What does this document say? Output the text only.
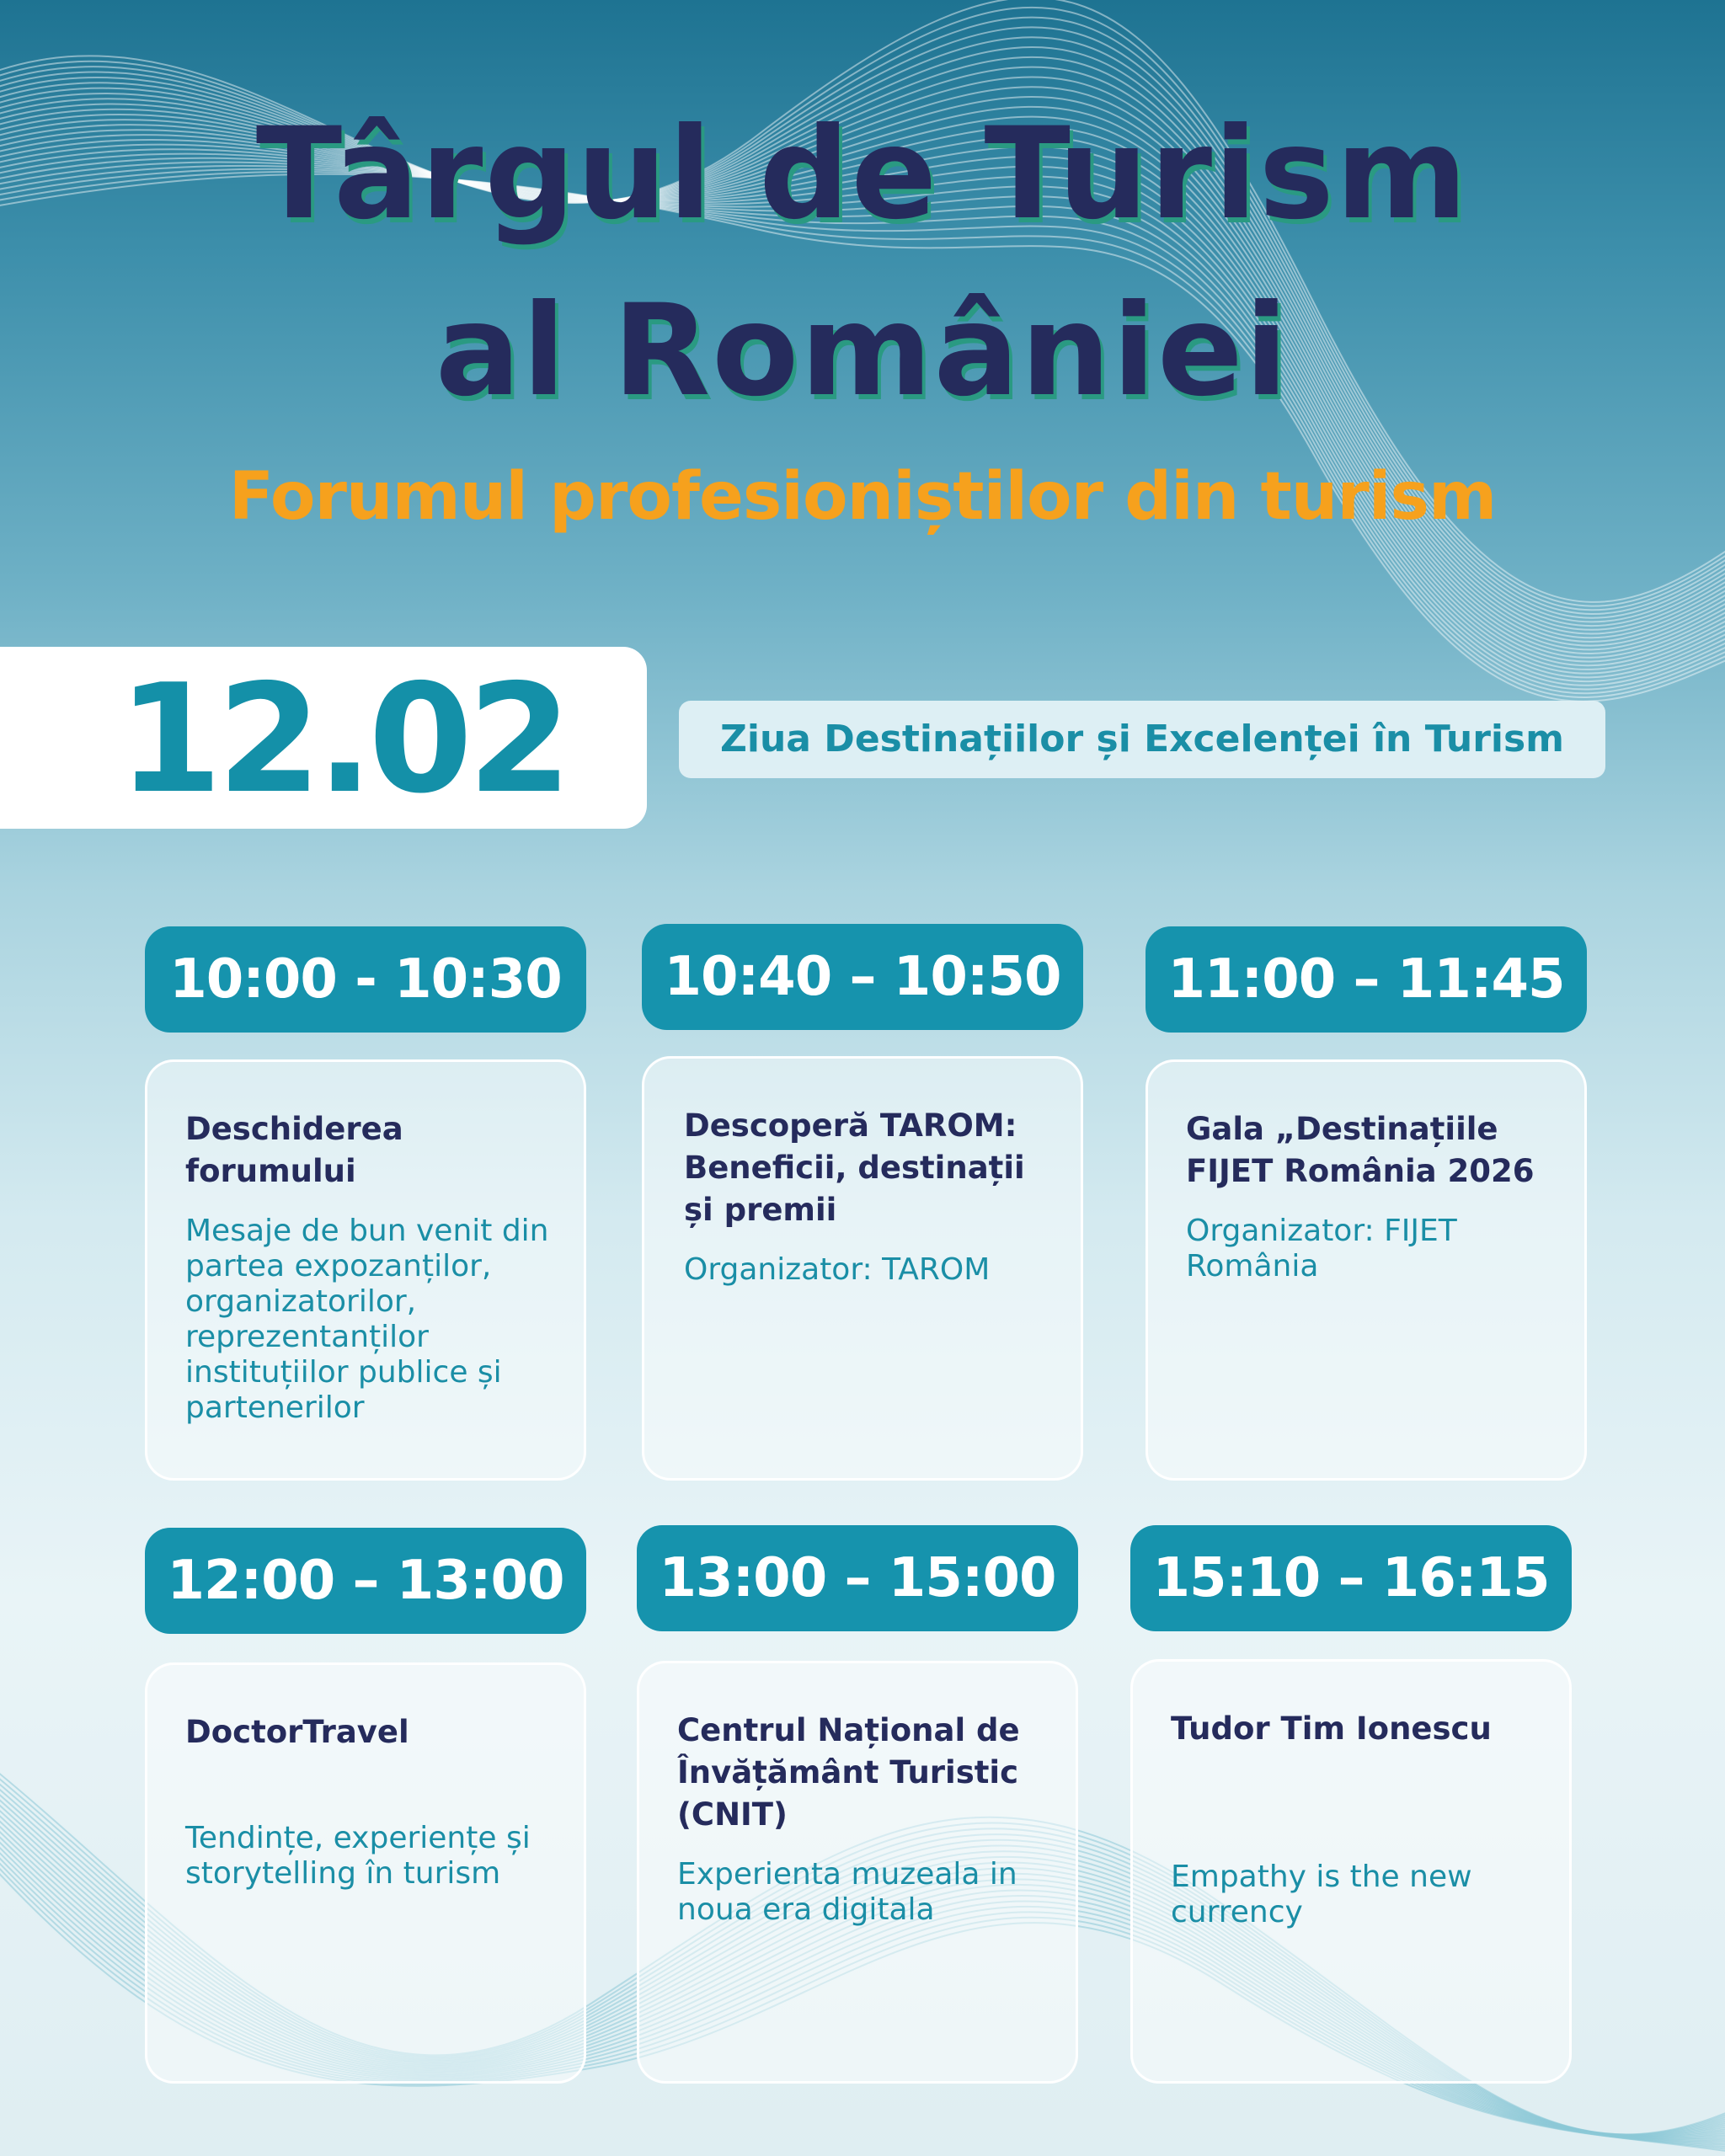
Târgul de Turism
al României
Forumul profesioniștilor din turism
12.02	Ziua Destinațiilor și Excelenței în Turism
10:00 - 10:30
Deschiderea forumului
Mesaje de bun venit din partea expozanților, organizatorilor, reprezentanților instituțiilor publice și partenerilor
10:40 – 10:50
Descoperă TAROM: Beneficii, destinații și premii
Organizator: TAROM
11:00 – 11:45
Gala „Destinațiile FIJET România 2026
Organizator: FIJET România
12:00 – 13:00
DoctorTravel
Tendințe, experiențe și storytelling în turism
13:00 – 15:00
Centrul Național de Învățământ Turistic (CNIT)
Experienta muzeala in noua era digitala
15:10 – 16:15
Tudor Tim Ionescu
Empathy is the new currency
